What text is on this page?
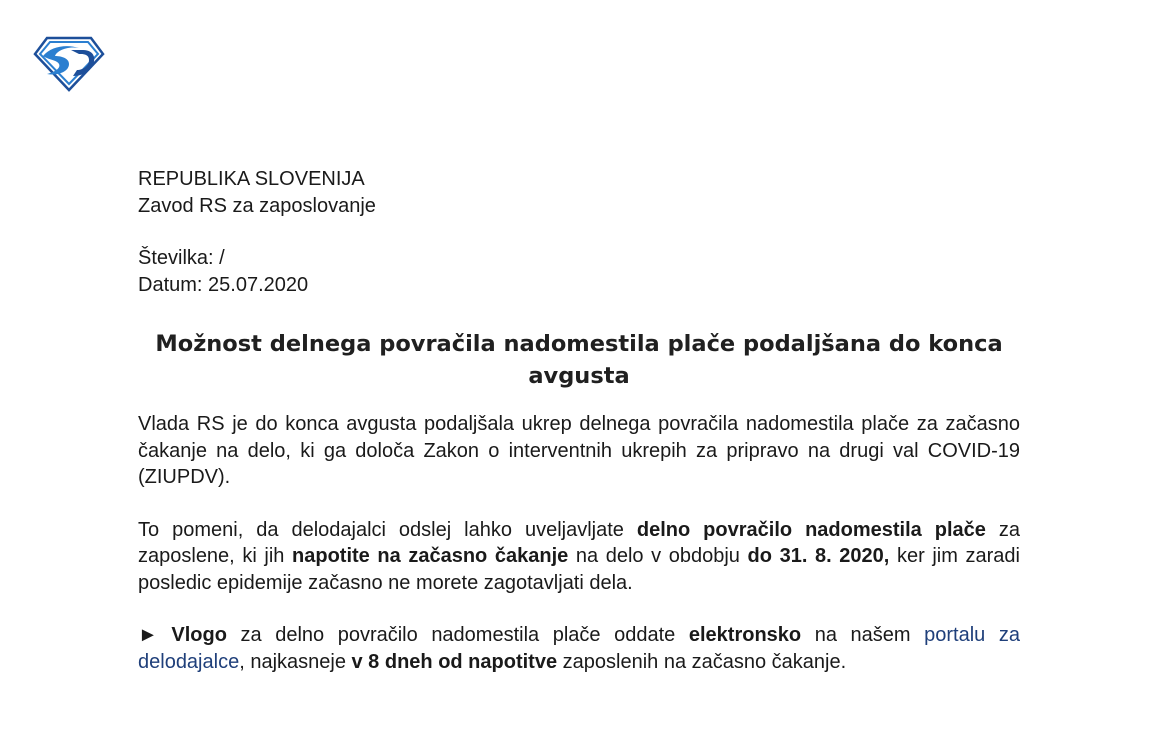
REPUBLIKA SLOVENIJA

Zavod RS za zaposlovanje

Številka: /

Datum: 25.07.2020

Možnost delnega povračila nadomestila plače podaljšana do konca

avgusta

Vlada RS je do konca avgusta podaljšala ukrep delnega povračila nadomestila plače za začasno čakanje na delo, ki ga določa Zakon o interventnih ukrepih za pripravo na drugi val COVID-19 (ZIUPDV).

To pomeni, da delodajalci odslej lahko uveljavljate delno povračilo nadomestila plače za zaposlene, ki jih napotite na začasno čakanje na delo v obdobju do 31. 8. 2020, ker jim zaradi posledic epidemije začasno ne morete zagotavljati dela.

► Vlogo za delno povračilo nadomestila plače oddate elektronsko na našem portalu za delodajalce, najkasneje v 8 dneh od napotitve zaposlenih na začasno čakanje.
